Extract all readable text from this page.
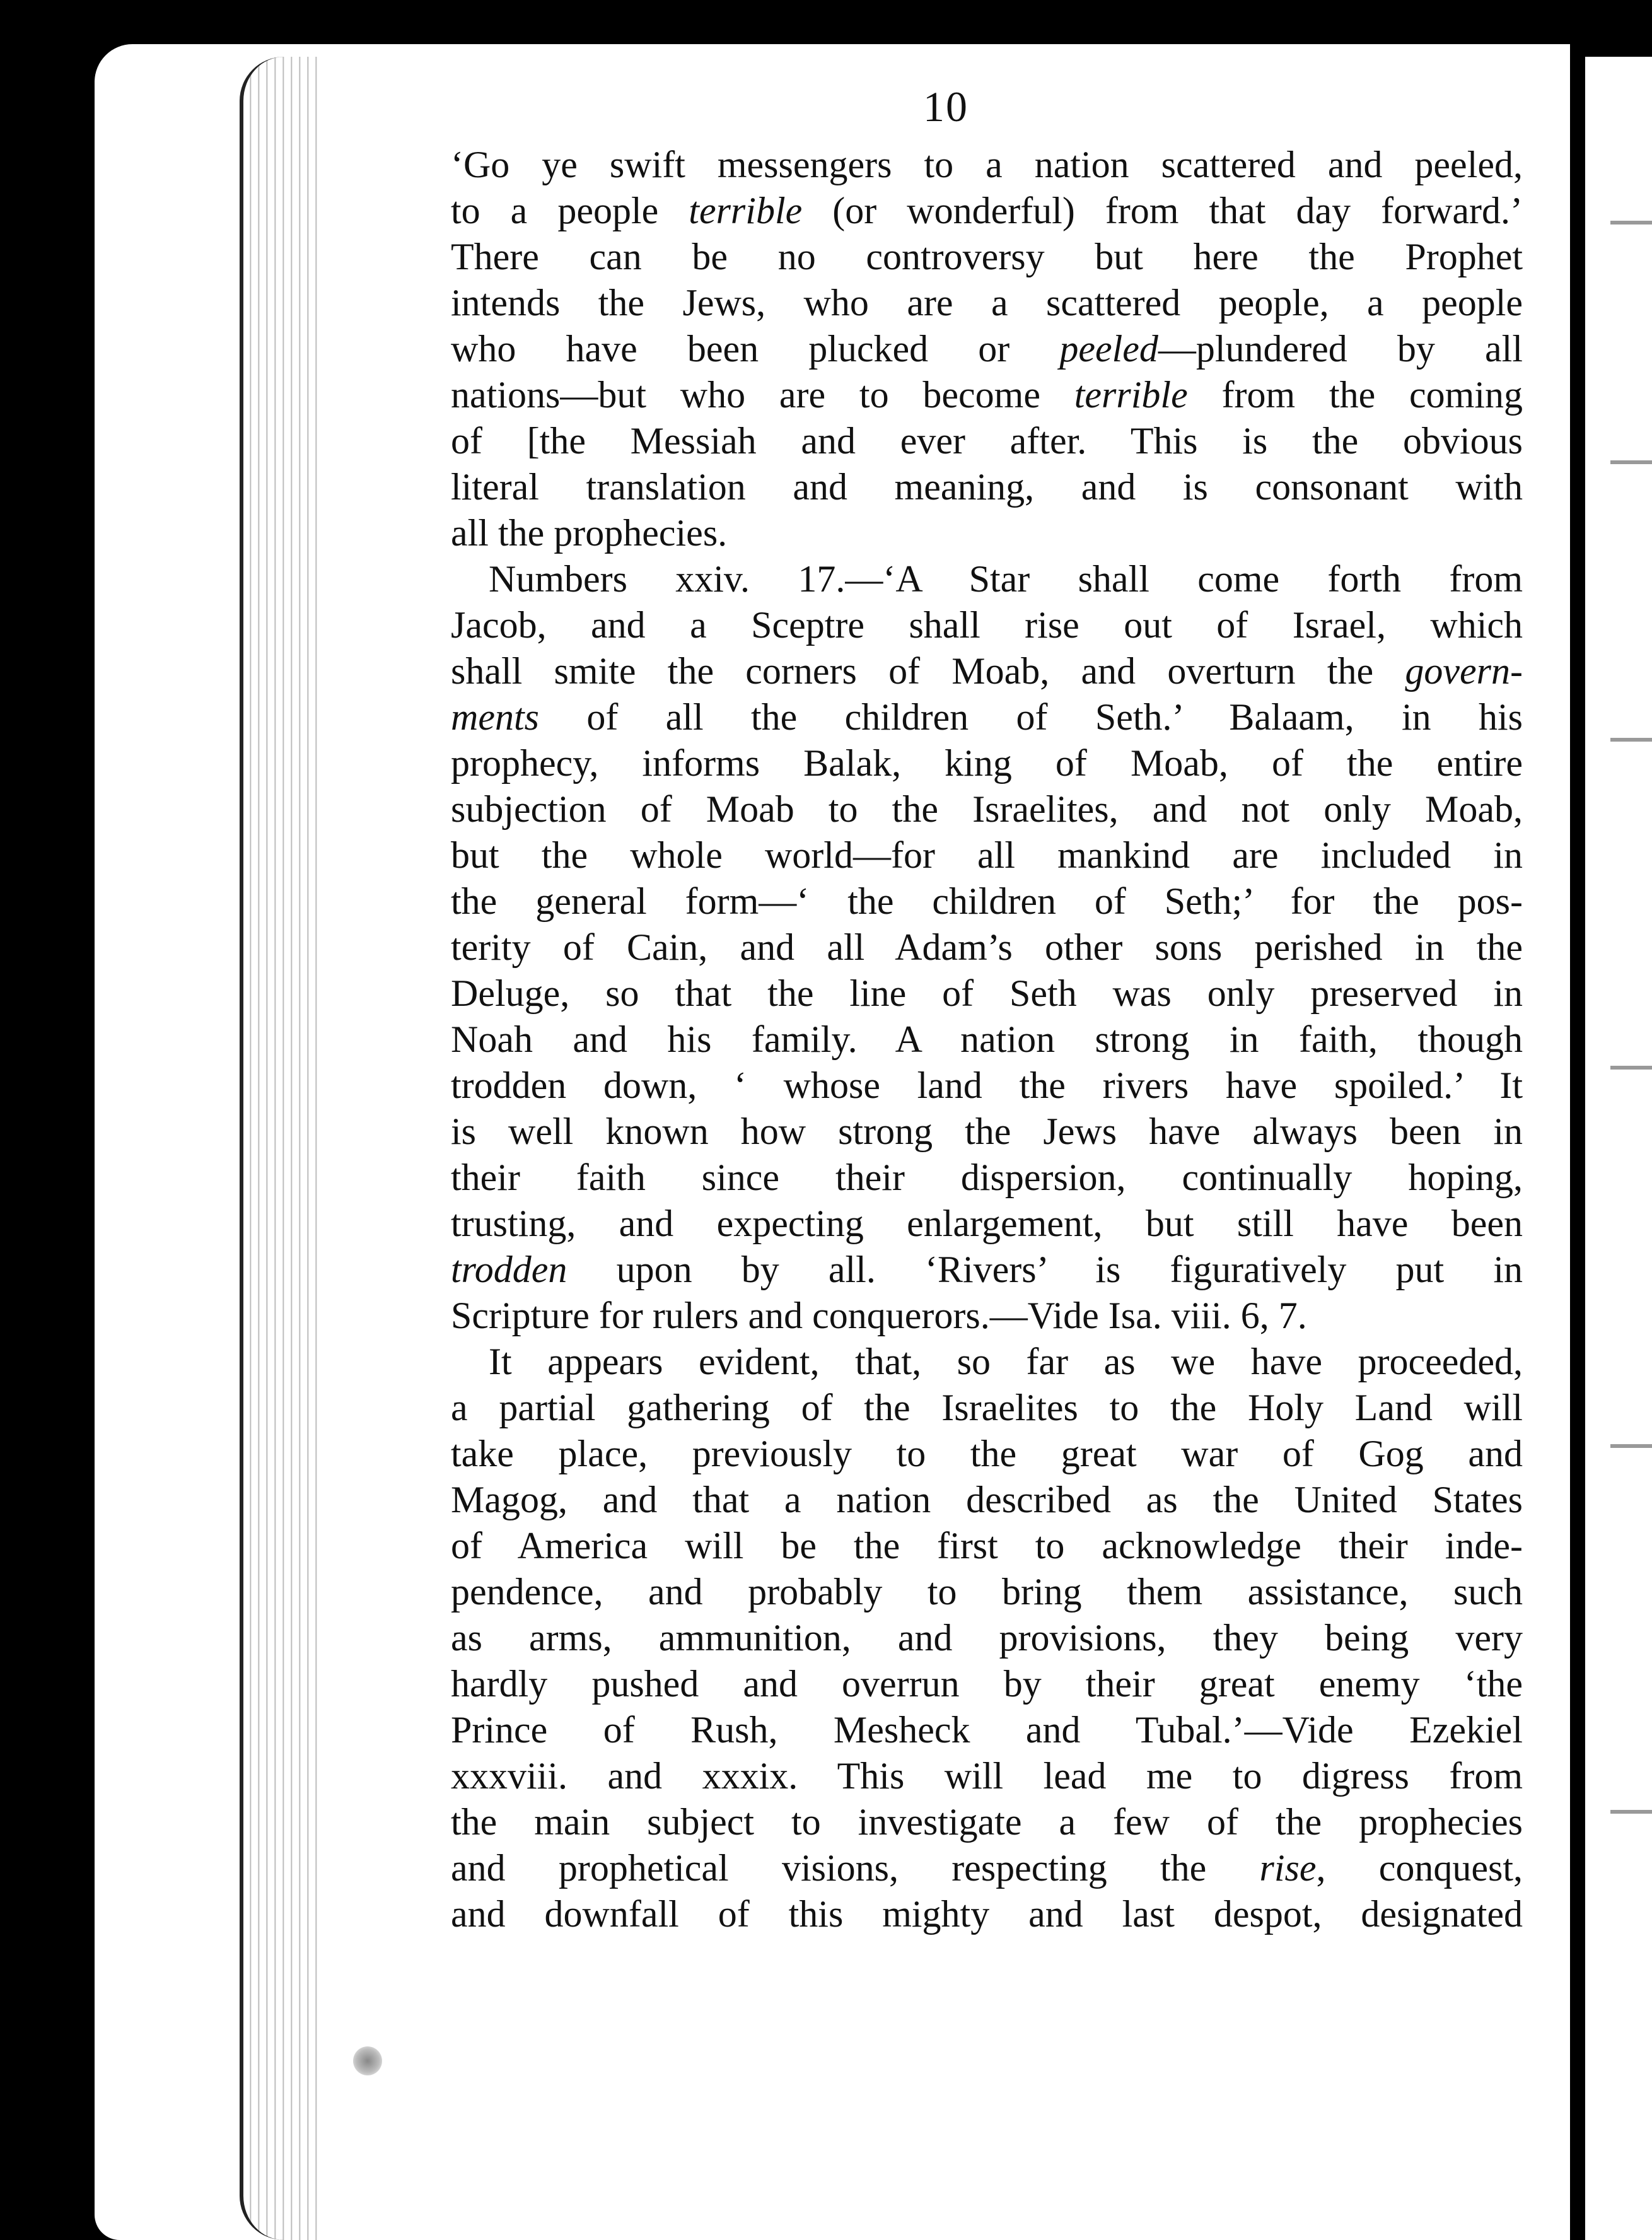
10
‘Go ye swift messengers to a nation scattered and peeled,
to a people terrible (or wonderful) from that day forward.’
There can be no controversy but here the Prophet
intends the Jews, who are a scattered people, a people
who have been plucked or peeled—plundered by all
nations—but who are to become terrible from the coming
of [the Messiah and ever after. This is the obvious
literal translation and meaning, and is consonant with
all the prophecies.
Numbers xxiv. 17.—‘A Star shall come forth from
Jacob, and a Sceptre shall rise out of Israel, which
shall smite the corners of Moab, and overturn the govern-
ments of all the children of Seth.’ Balaam, in his
prophecy, informs Balak, king of Moab, of the entire
subjection of Moab to the Israelites, and not only Moab,
but the whole world—for all mankind are included in
the general form—‘ the children of Seth;’ for the pos-
terity of Cain, and all Adam’s other sons perished in the
Deluge, so that the line of Seth was only preserved in
Noah and his family. A nation strong in faith, though
trodden down, ‘ whose land the rivers have spoiled.’ It
is well known how strong the Jews have always been in
their faith since their dispersion, continually hoping,
trusting, and expecting enlargement, but still have been
trodden upon by all. ‘Rivers’ is figuratively put in
Scripture for rulers and conquerors.—Vide Isa. viii. 6, 7.
It appears evident, that, so far as we have proceeded,
a partial gathering of the Israelites to the Holy Land will
take place, previously to the great war of Gog and
Magog, and that a nation described as the United States
of America will be the first to acknowledge their inde-
pendence, and probably to bring them assistance, such
as arms, ammunition, and provisions, they being very
hardly pushed and overrun by their great enemy ‘the
Prince of Rush, Mesheck and Tubal.’—Vide Ezekiel
xxxviii. and xxxix. This will lead me to digress from
the main subject to investigate a few of the prophecies
and prophetical visions, respecting the rise, conquest,
and downfall of this mighty and last despot, designated
